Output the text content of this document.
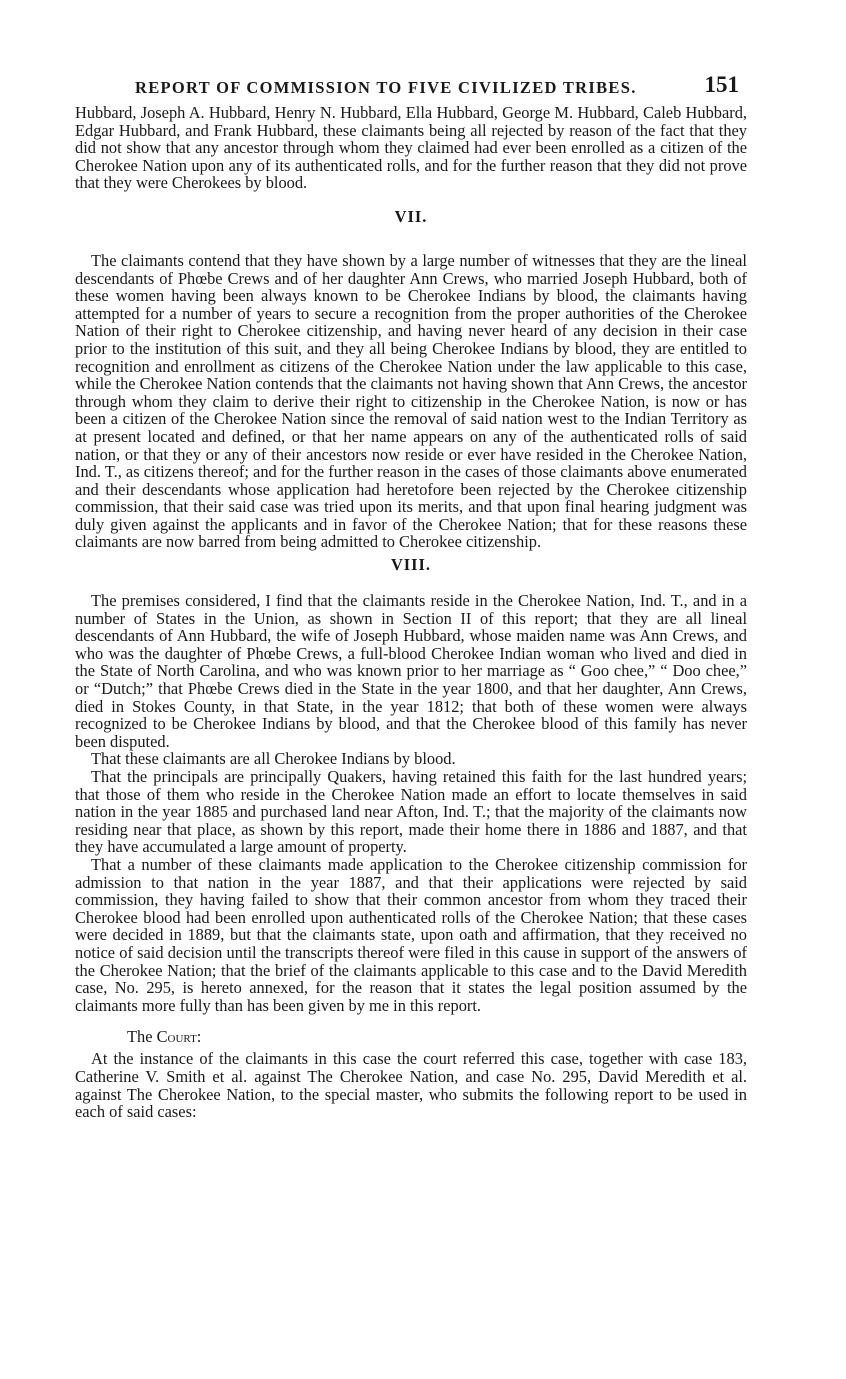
REPORT OF COMMISSION TO FIVE CIVILIZED TRIBES.	151

Hubbard, Joseph A. Hubbard, Henry N. Hubbard, Ella Hubbard, George M. Hubbard, Caleb Hubbard, Edgar Hubbard, and Frank Hubbard, these claimants being all rejected by reason of the fact that they did not show that any ancestor through whom they claimed had ever been enrolled as a citizen of the Cherokee Nation upon any of its authenticated rolls, and for the further reason that they did not prove that they were Cherokees by blood.

VII.

The claimants contend that they have shown by a large number of witnesses that they are the lineal descendants of Phœbe Crews and of her daughter Ann Crews, who married Joseph Hubbard, both of these women having been always known to be Cherokee Indians by blood, the claimants having attempted for a number of years to secure a recognition from the proper authorities of the Cherokee Nation of their right to Cherokee citizenship, and having never heard of any decision in their case prior to the institution of this suit, and they all being Cherokee Indians by blood, they are entitled to recognition and enrollment as citizens of the Cherokee Nation under the law applicable to this case, while the Cherokee Nation contends that the claimants not having shown that Ann Crews, the ancestor through whom they claim to derive their right to citizenship in the Cherokee Nation, is now or has been a citizen of the Cherokee Nation since the removal of said nation west to the Indian Territory as at present located and defined, or that her name appears on any of the authenticated rolls of said nation, or that they or any of their ancestors now reside or ever have resided in the Cherokee Nation, Ind. T., as citizens thereof; and for the further reason in the cases of those claimants above enumerated and their descendants whose application had heretofore been rejected by the Cherokee citizenship commission, that their said case was tried upon its merits, and that upon final hearing judgment was duly given against the applicants and in favor of the Cherokee Nation; that for these reasons these claimants are now barred from being admitted to Cherokee citizenship.

VIII.

The premises considered, I find that the claimants reside in the Cherokee Nation, Ind. T., and in a number of States in the Union, as shown in Section II of this report; that they are all lineal descendants of Ann Hubbard, the wife of Joseph Hubbard, whose maiden name was Ann Crews, and who was the daughter of Phœbe Crews, a full-blood Cherokee Indian woman who lived and died in the State of North Carolina, and who was known prior to her marriage as “ Goo chee,” “ Doo chee,” or “Dutch;” that Phœbe Crews died in the State in the year 1800, and that her daughter, Ann Crews, died in Stokes County, in that State, in the year 1812; that both of these women were always recognized to be Cherokee Indians by blood, and that the Cherokee blood of this family has never been disputed.

That these claimants are all Cherokee Indians by blood.

That the principals are principally Quakers, having retained this faith for the last hundred years; that those of them who reside in the Cherokee Nation made an effort to locate themselves in said nation in the year 1885 and purchased land near Afton, Ind. T.; that the majority of the claimants now residing near that place, as shown by this report, made their home there in 1886 and 1887, and that they have accumulated a large amount of property.

That a number of these claimants made application to the Cherokee citizenship commission for admission to that nation in the year 1887, and that their applications were rejected by said commission, they having failed to show that their common ancestor from whom they traced their Cherokee blood had been enrolled upon authenticated rolls of the Cherokee Nation; that these cases were decided in 1889, but that the claimants state, upon oath and affirmation, that they received no notice of said decision until the transcripts thereof were filed in this cause in support of the answers of the Cherokee Nation; that the brief of the claimants applicable to this case and to the David Meredith case, No. 295, is hereto annexed, for the reason that it states the legal position assumed by the claimants more fully than has been given by me in this report.

The Court:

At the instance of the claimants in this case the court referred this case, together with case 183, Catherine V. Smith et al. against The Cherokee Nation, and case No. 295, David Meredith et al. against The Cherokee Nation, to the special master, who submits the following report to be used in each of said cases:
